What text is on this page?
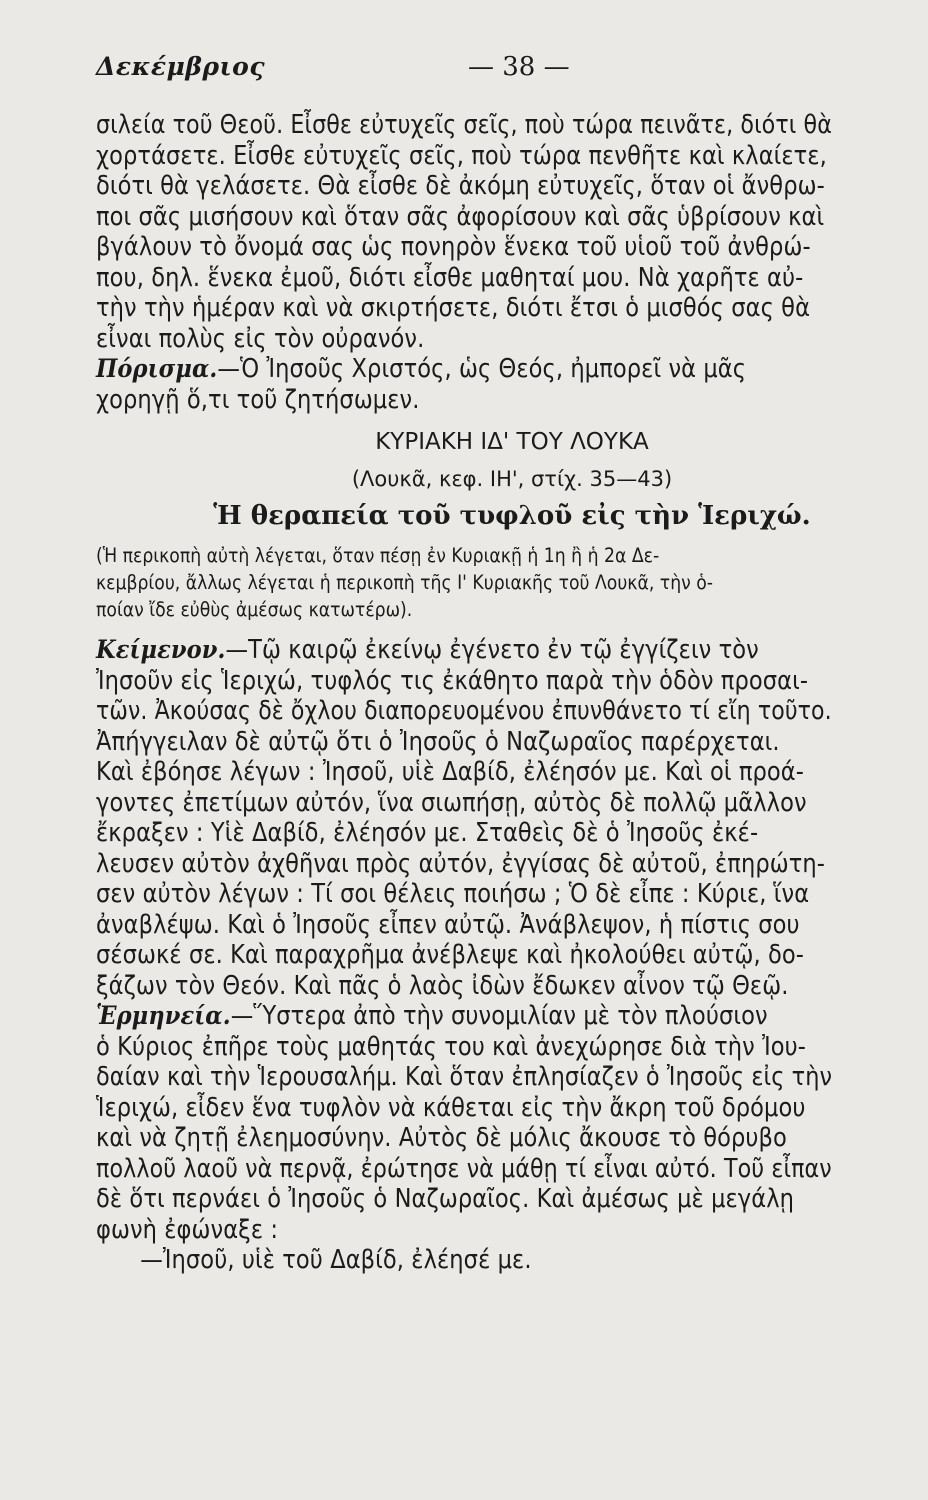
Δεκέμβριος	— 38 —
σιλεία τοῦ Θεοῦ. Εἶσθε εὐτυχεῖς σεῖς, ποὺ τώρα πεινᾶτε, διότι θὰ
χορτάσετε. Εἶσθε εὐτυχεῖς σεῖς, ποὺ τώρα πενθῆτε καὶ κλαίετε,
διότι θὰ γελάσετε. Θὰ εἶσθε δὲ ἀκόμη εὐτυχεῖς, ὅταν οἱ ἄνθρω-
ποι σᾶς μισήσουν καὶ ὅταν σᾶς ἀφορίσουν καὶ σᾶς ὑβρίσουν καὶ
βγάλουν τὸ ὄνομά σας ὡς πονηρὸν ἕνεκα τοῦ υἱοῦ τοῦ ἀνθρώ-
που, δηλ. ἕνεκα ἐμοῦ, διότι εἶσθε μαθηταί μου. Νὰ χαρῆτε αὐ-
τὴν τὴν ἡμέραν καὶ νὰ σκιρτήσετε, διότι ἔτσι ὁ μισθός σας θὰ
εἶναι πολὺς εἰς τὸν οὐρανόν.
Πόρισμα.—Ὁ Ἰησοῦς Χριστός, ὡς Θεός, ἠμπορεῖ νὰ μᾶς
χορηγῇ ὅ,τι τοῦ ζητήσωμεν.
ΚΥΡΙΑΚΗ ΙΔ' ΤΟΥ ΛΟΥΚΑ
(Λουκᾶ, κεφ. ΙΗ', στίχ. 35—43)
Ἡ θεραπεία τοῦ τυφλοῦ εἰς τὴν Ἱεριχώ.
(Ἡ περικοπὴ αὐτὴ λέγεται, ὅταν πέσῃ ἐν Κυριακῇ ἡ 1η ἢ ἡ 2α Δε-
κεμβρίου, ἄλλως λέγεται ἡ περικοπὴ τῆς Ι' Κυριακῆς τοῦ Λουκᾶ, τὴν ὁ-
ποίαν ἴδε εὐθὺς ἀμέσως κατωτέρω).
Κείμενον.—Τῷ καιρῷ ἐκείνῳ ἐγένετο ἐν τῷ ἐγγίζειν τὸν
Ἰησοῦν εἰς Ἱεριχώ, τυφλός τις ἐκάθητο παρὰ τὴν ὁδὸν προσαι-
τῶν. Ἀκούσας δὲ ὄχλου διαπορευομένου ἐπυνθάνετο τί εἴη τοῦτο.
Ἀπήγγειλαν δὲ αὐτῷ ὅτι ὁ Ἰησοῦς ὁ Ναζωραῖος παρέρχεται.
Καὶ ἐβόησε λέγων : Ἰησοῦ, υἱὲ Δαβίδ, ἐλέησόν με. Καὶ οἱ προά-
γοντες ἐπετίμων αὐτόν, ἵνα σιωπήσῃ, αὐτὸς δὲ πολλῷ μᾶλλον
ἔκραξεν : Υἱὲ Δαβίδ, ἐλέησόν με. Σταθεὶς δὲ ὁ Ἰησοῦς ἐκέ-
λευσεν αὐτὸν ἀχθῆναι πρὸς αὐτόν, ἐγγίσας δὲ αὐτοῦ, ἐπηρώτη-
σεν αὐτὸν λέγων : Τί σοι θέλεις ποιήσω ; Ὁ δὲ εἶπε : Κύριε, ἵνα
ἀναβλέψω. Καὶ ὁ Ἰησοῦς εἶπεν αὐτῷ. Ἀνάβλεψον, ἡ πίστις σου
σέσωκέ σε. Καὶ παραχρῆμα ἀνέβλεψε καὶ ἠκολούθει αὐτῷ, δο-
ξάζων τὸν Θεόν. Καὶ πᾶς ὁ λαὸς ἰδὼν ἔδωκεν αἶνον τῷ Θεῷ.
Ἑρμηνεία.—Ὕστερα ἀπὸ τὴν συνομιλίαν μὲ τὸν πλούσιον
ὁ Κύριος ἐπῆρε τοὺς μαθητάς του καὶ ἀνεχώρησε διὰ τὴν Ἰου-
δαίαν καὶ τὴν Ἱερουσαλήμ. Καὶ ὅταν ἐπλησίαζεν ὁ Ἰησοῦς εἰς τὴν
Ἱεριχώ, εἶδεν ἕνα τυφλὸν νὰ κάθεται εἰς τὴν ἄκρη τοῦ δρόμου
καὶ νὰ ζητῇ ἐλεημοσύνην. Αὐτὸς δὲ μόλις ἄκουσε τὸ θόρυβο
πολλοῦ λαοῦ νὰ περνᾷ, ἐρώτησε νὰ μάθῃ τί εἶναι αὐτό. Τοῦ εἶπαν
δὲ ὅτι περνάει ὁ Ἰησοῦς ὁ Ναζωραῖος. Καὶ ἀμέσως μὲ μεγάλῃ
φωνὴ ἐφώναξε :
—Ἰησοῦ, υἱὲ τοῦ Δαβίδ, ἐλέησέ με.
